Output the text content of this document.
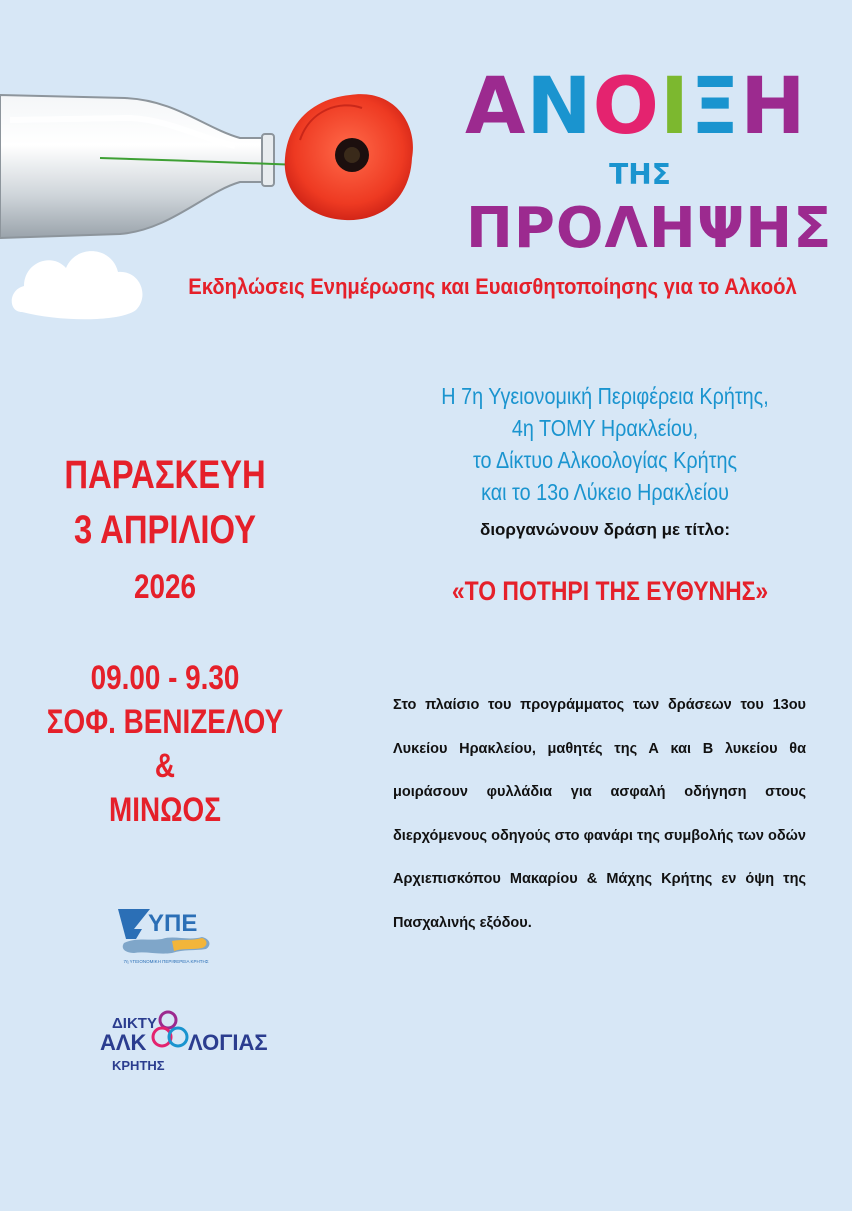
ΑΝΟΙΞΗ
ΤΗΣ
ΠΡΟΛΗΨΗΣ
Εκδηλώσεις Ενημέρωσης και Ευαισθητοποίησης για το Αλκοόλ
Η 7η Υγειονομική Περιφέρεια Κρήτης,
4η ΤΟΜΥ Ηρακλείου,
το Δίκτυο Αλκοολογίας Κρήτης
και το 13ο Λύκειο Ηρακλείου
διοργανώνουν δράση με τίτλο:
«ΤΟ ΠΟΤΗΡΙ ΤΗΣ ΕΥΘΥΝΗΣ»
ΠΑΡΑΣΚΕΥΗ
3 ΑΠΡΙΛΙΟΥ
2026
09.00 - 9.30
ΣΟΦ. ΒΕΝΙΖΕΛΟΥ &
ΜΙΝΩΟΣ
Στο πλαίσιο του προγράμματος των δράσεων του 13ου Λυκείου Ηρακλείου, μαθητές της Α και Β λυκείου θα μοιράσουν φυλλάδια για ασφαλή οδήγηση στους διερχόμενους οδηγούς στο φανάρι της συμβολής των οδών Αρχιεπισκόπου Μακαρίου & Μάχης Κρήτης εν όψη της Πασχαλινής εξόδου.
ΥΠΕ
7η ΥΓΕΙΟΝΟΜΙΚΗ ΠΕΡΙΦΕΡΕΙΑ ΚΡΗΤΗΣ
ΔΙΚΤΥ
ΑΛΚ ΛΟΓΙΑΣ
ΚΡΗΤΗΣ
